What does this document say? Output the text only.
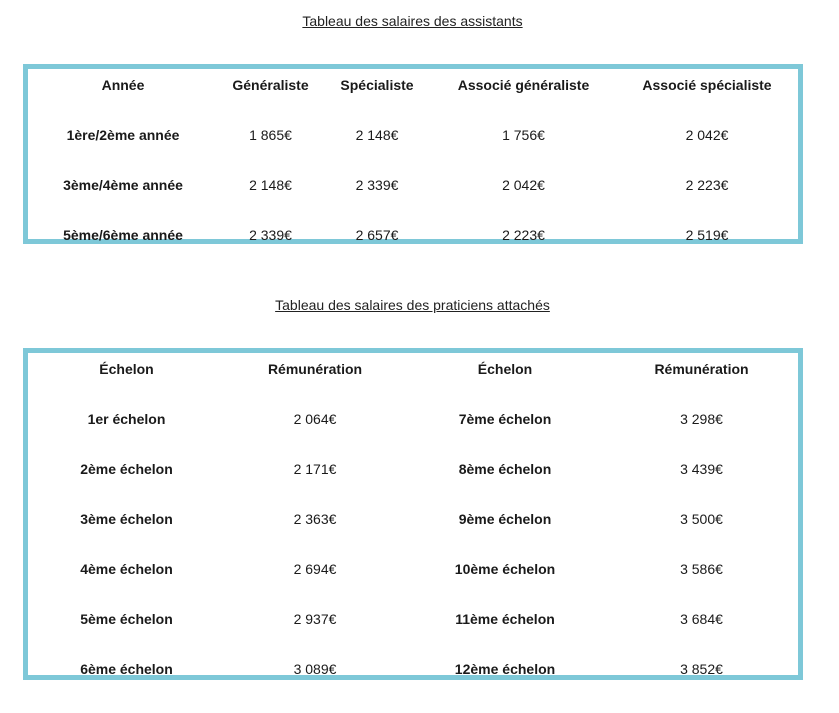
Tableau des salaires des assistants
Année	Généraliste	Spécialiste	Associé généraliste	Associé spécialiste
1ère/2ème année	1 865€	2 148€	1 756€	2 042€
3ème/4ème année	2 148€	2 339€	2 042€	2 223€
5ème/6ème année	2 339€	2 657€	2 223€	2 519€
Tableau des salaires des praticiens attachés
Échelon	Rémunération	Échelon	Rémunération
1er échelon	2 064€	7ème échelon	3 298€
2ème échelon	2 171€	8ème échelon	3 439€
3ème échelon	2 363€	9ème échelon	3 500€
4ème échelon	2 694€	10ème échelon	3 586€
5ème échelon	2 937€	11ème échelon	3 684€
6ème échelon	3 089€	12ème échelon	3 852€
